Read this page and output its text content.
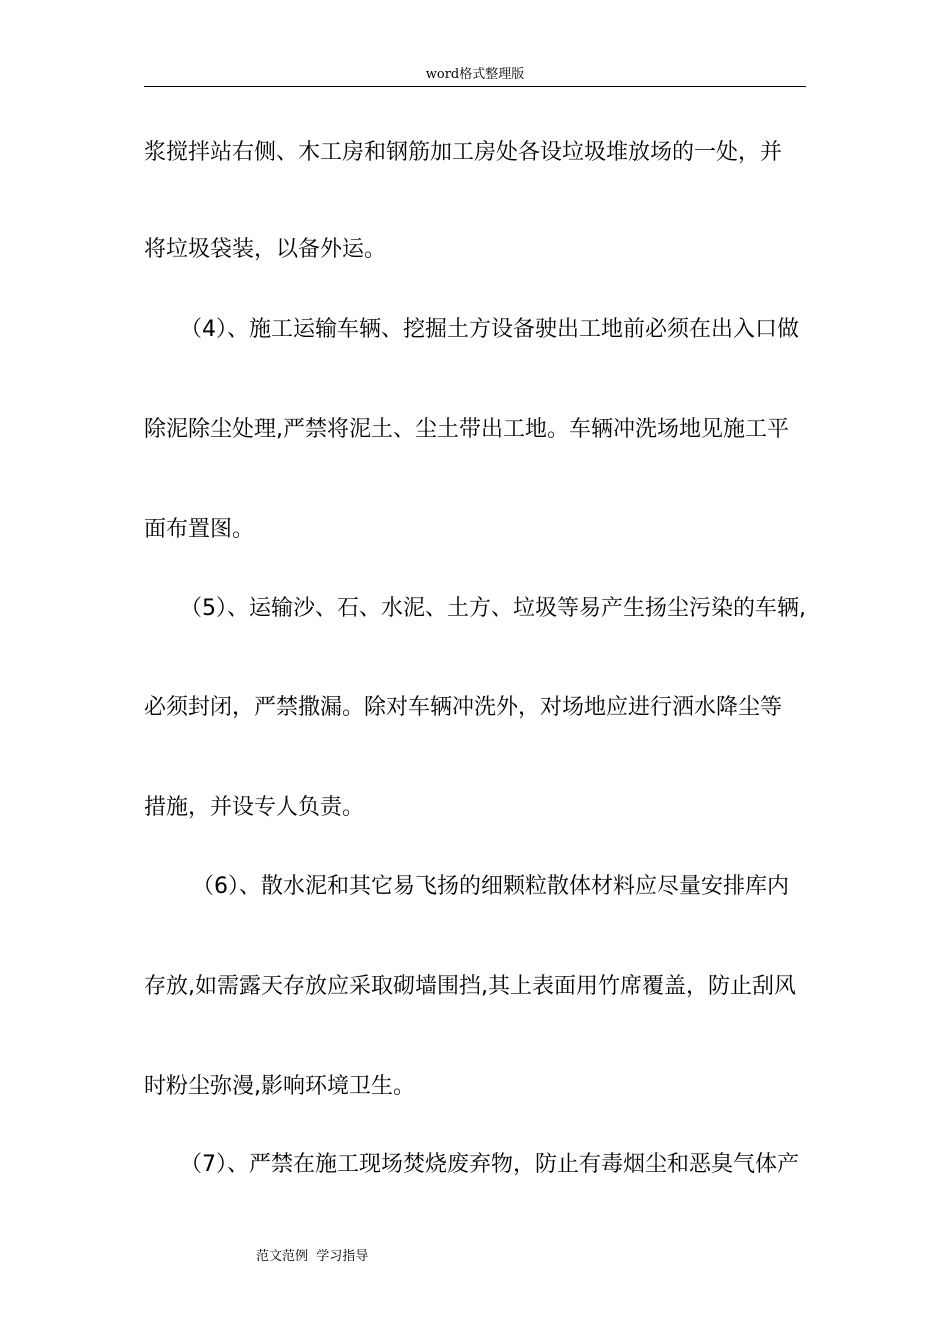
word格式整理版
浆搅拌站右侧、木工房和钢筋加工房处各设垃圾堆放场的一处，并
将垃圾袋装，以备外运。
（4）、施工运输车辆、挖掘土方设备驶出工地前必须在出入口做
除泥除尘处理,严禁将泥土、尘土带出工地。车辆冲洗场地见施工平
面布置图。
（5）、运输沙、石、水泥、土方、垃圾等易产生扬尘污染的车辆,
必须封闭，严禁撒漏。除对车辆冲洗外，对场地应进行洒水降尘等
措施，并设专人负责。
（6）、散水泥和其它易飞扬的细颗粒散体材料应尽量安排库内
存放,如需露天存放应采取砌墙围挡,其上表面用竹席覆盖，防止刮风
时粉尘弥漫,影响环境卫生。
（7）、严禁在施工现场焚烧废弃物，防止有毒烟尘和恶臭气体产
范文范例  学习指导
